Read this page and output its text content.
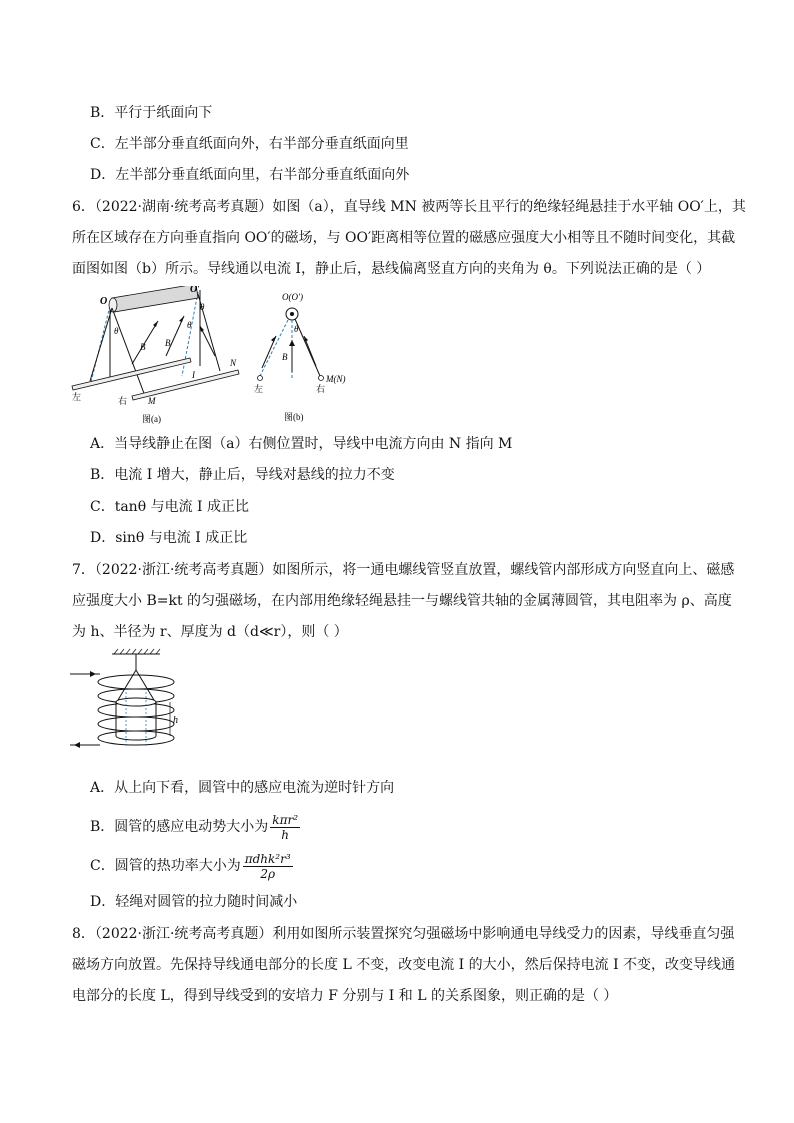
B．平行于纸面向下
C．左半部分垂直纸面向外，右半部分垂直纸面向里
D．左半部分垂直纸面向里，右半部分垂直纸面向外
6．（2022·湖南·统考高考真题）如图（a），直导线 MN 被两等长且平行的绝缘轻绳悬挂于水平轴 OO′上，其
所在区域存在方向垂直指向 OO′的磁场，与 OO′距离相等位置的磁感应强度大小相等且不随时间变化，其截
面图如图（b）所示。导线通以电流 I，静止后，悬线偏离竖直方向的夹角为 θ。下列说法正确的是（ ）
O
O′
θ
θ
θ
B B
I
N
M
左	右
图(a)
O(O′)
θ
B
左	右
M(N)
图(b)
A．当导线静止在图（a）右侧位置时，导线中电流方向由 N 指向 M
B．电流 I 增大，静止后，导线对悬线的拉力不变
C．tanθ 与电流 I 成正比
D．sinθ 与电流 I 成正比
7．（2022·浙江·统考高考真题）如图所示，将一通电螺线管竖直放置，螺线管内部形成方向竖直向上、磁感
应强度大小 B=kt 的匀强磁场，在内部用绝缘轻绳悬挂一与螺线管共轴的金属薄圆管，其电阻率为 ρ、高度
为 h、半径为 r、厚度为 d（d≪r），则（ ）
h
A．从上向下看，圆管中的感应电流为逆时针方向
B．圆管的感应电动势大小为 $\frac{\text{kπr²}}{h}$
C．圆管的热功率大小为 $\frac{\text{πdhk²r³}}{2\rho}$
D．轻绳对圆管的拉力随时间减小
8．（2022·浙江·统考高考真题）利用如图所示装置探究匀强磁场中影响通电导线受力的因素，导线垂直匀强
磁场方向放置。先保持导线通电部分的长度 L 不变，改变电流 I 的大小，然后保持电流 I 不变，改变导线通
电部分的长度 L，得到导线受到的安培力 F 分别与 I 和 L 的关系图象，则正确的是（ ）
